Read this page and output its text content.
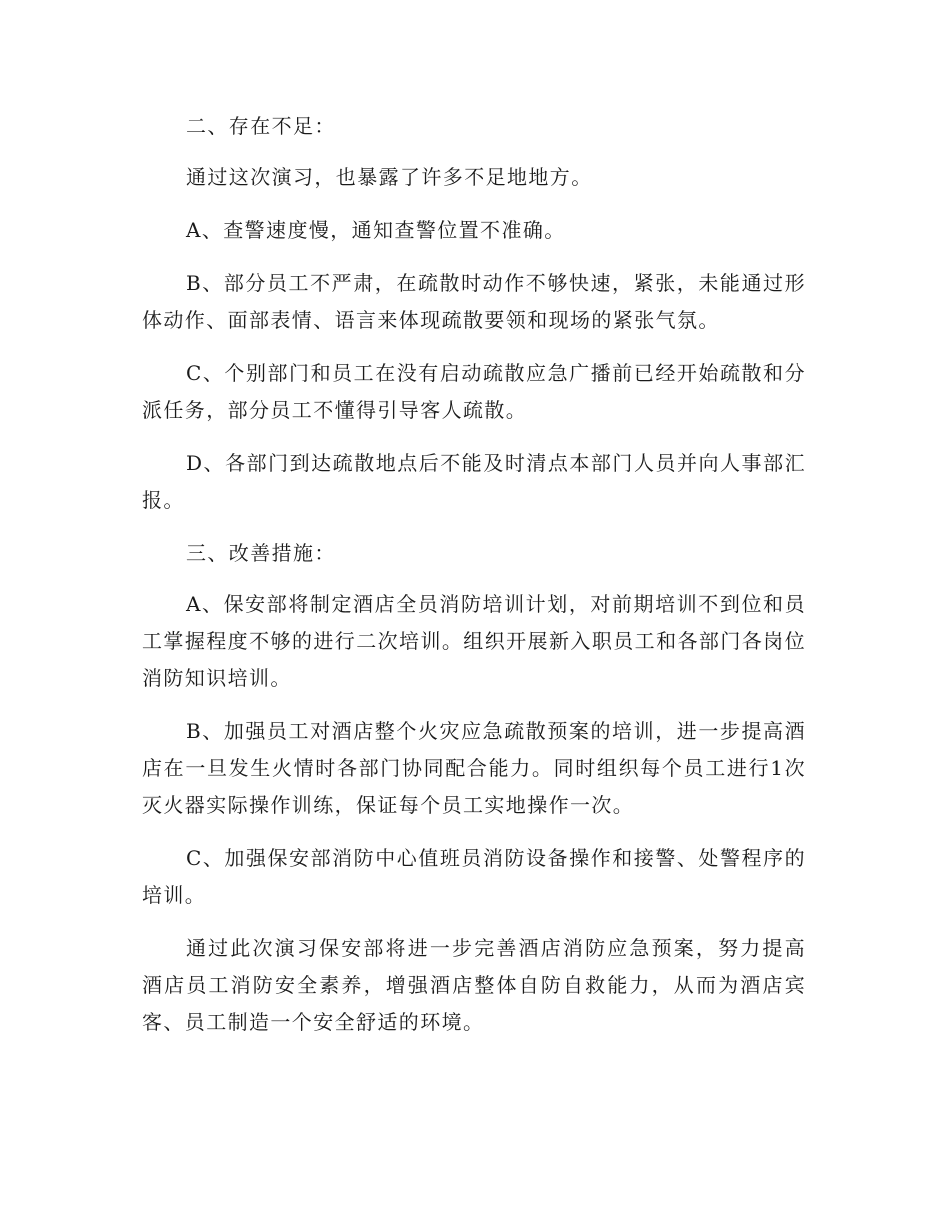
二、存在不足：

通过这次演习，也暴露了许多不足地地方。

A、查警速度慢，通知查警位置不准确。

B、部分员工不严肃，在疏散时动作不够快速，紧张，未能通过形体动作、面部表情、语言来体现疏散要领和现场的紧张气氛。

C、个别部门和员工在没有启动疏散应急广播前已经开始疏散和分派任务，部分员工不懂得引导客人疏散。

D、各部门到达疏散地点后不能及时清点本部门人员并向人事部汇报。

三、改善措施：

A、保安部将制定酒店全员消防培训计划，对前期培训不到位和员工掌握程度不够的进行二次培训。组织开展新入职员工和各部门各岗位消防知识培训。

B、加强员工对酒店整个火灾应急疏散预案的培训，进一步提高酒店在一旦发生火情时各部门协同配合能力。同时组织每个员工进行1次灭火器实际操作训练，保证每个员工实地操作一次。

C、加强保安部消防中心值班员消防设备操作和接警、处警程序的培训。

通过此次演习保安部将进一步完善酒店消防应急预案，努力提高酒店员工消防安全素养，增强酒店整体自防自救能力，从而为酒店宾客、员工制造一个安全舒适的环境。
